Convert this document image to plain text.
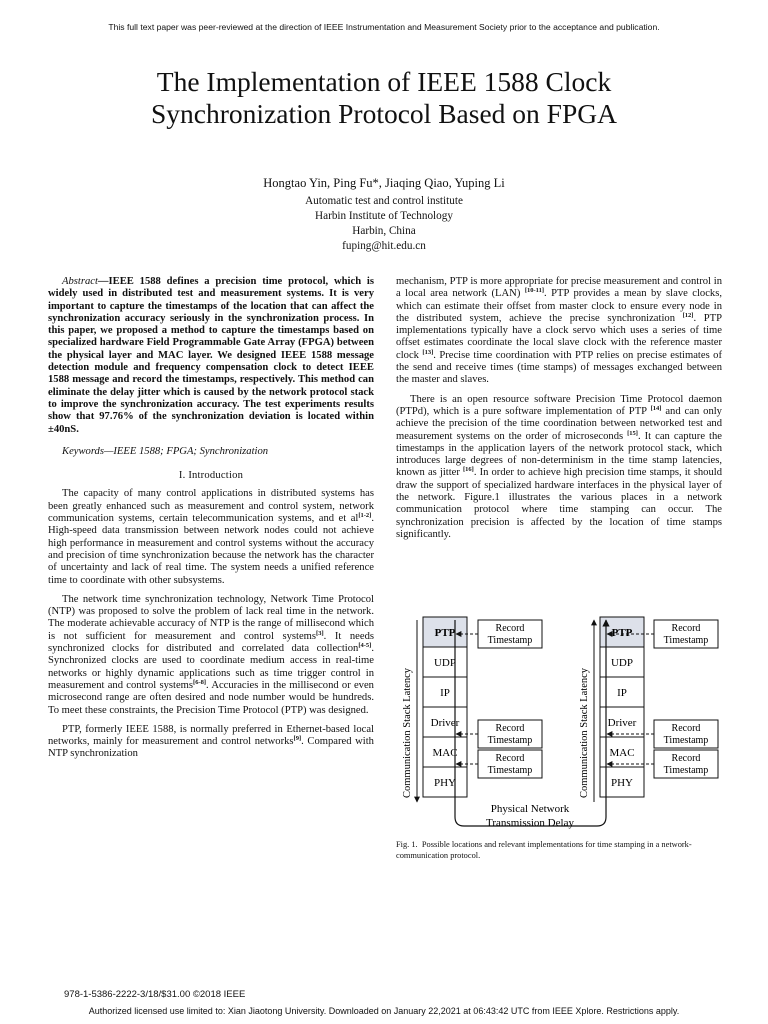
This full text paper was peer-reviewed at the direction of IEEE Instrumentation and Measurement Society prior to the acceptance and publication.
The Implementation of IEEE 1588 Clock
Synchronization Protocol Based on FPGA
Hongtao Yin, Ping Fu*, Jiaqing Qiao, Yuping Li
Automatic test and control institute
Harbin Institute of Technology
Harbin, China
fuping@hit.edu.cn

Abstract—IEEE 1588 defines a precision time protocol, which is widely used in distributed test and measurement systems. It is very important to capture the timestamps of the location that can affect the synchronization accuracy seriously in the synchronization process. In this paper, we proposed a method to capture the timestamps based on specialized hardware Field Programmable Gate Array (FPGA) between the physical layer and MAC layer. We designed IEEE 1588 message detection module and frequency compensation clock to detect IEEE 1588 message and record the timestamps, respectively. This method can eliminate the delay jitter which is caused by the network protocol stack to improve the synchronization accuracy. The test experiments results show that 97.76% of the synchronization deviation is located within ±40nS.

Keywords—IEEE 1588; FPGA; Synchronization

I. Introduction

The capacity of many control applications in distributed systems has been greatly enhanced such as measurement and control system, network communication systems, certain telecommunication systems, and et al[1-2]. High-speed data transmission between network nodes could not achieve high performance in measurement and control systems without the accuracy and precision of time synchronization because the network has the character of uncertainty and lack of real time. The system needs a unified reference time to coordinate with other subsystems.

The network time synchronization technology, Network Time Protocol (NTP) was proposed to solve the problem of lack real time in the network. The moderate achievable accuracy of NTP is the range of millisecond which is not sufficient for measurement and control systems[3]. It needs synchronized clocks for distributed and correlated data collection[4-5]. Synchronized clocks are used to coordinate medium access in real-time networks or highly dynamic applications such as time trigger control in measurement and control systems[6-8]. Accuracies in the millisecond or even microsecond range are often desired and node number would be hundreds. To meet these constraints, the Precision Time Protocol (PTP) was designed.

PTP, formerly IEEE 1588, is normally preferred in Ethernet-based local networks, mainly for measurement and control networks[9]. Compared with NTP synchronization

mechanism, PTP is more appropriate for precise measurement and control in a local area network (LAN) [10-11]. PTP provides a mean by slave clocks, which can estimate their offset from master clock to ensure every node in the distributed system, achieve the precise synchronization [12]. PTP implementations typically have a clock servo which uses a series of time offset estimates coordinate the local slave clock with the reference master clock [13]. Precise time coordination with PTP relies on precise estimates of the send and receive times (time stamps) of messages exchanged between the master and slaves.

There is an open resource software Precision Time Protocol daemon (PTPd), which is a pure software implementation of PTP [14] and can only achieve the precision of the time coordination between networked test and measurement systems on the order of microseconds [15]. It can capture the timestamps in the application layers of the network protocol stack, which introduces large degrees of non-determinism in the time stamp latencies, known as jitter [16]. In order to achieve high precision time stamps, it should draw the support of specialized hardware interfaces in the physical layer of the network. Figure.1 illustrates the various places in a network communication protocol where time stamping can occur. The synchronization precision is affected by the location of time stamps significantly.

Communication Stack Latency
PTP
UDP
IP
Driver
MAC
PHY
Record
Timestamp
Record
Timestamp
Record
Timestamp	Communication Stack Latency
PTP
UDP
IP
Driver
MAC
PHY
Record
Timestamp
Record
Timestamp
Record
Timestamp
Physical Network
Transmission Delay
Fig. 1. Possible locations and relevant implementations for time stamping in a network-communication protocol.
978-1-5386-2222-3/18/$31.00 ©2018 IEEE
Authorized licensed use limited to: Xian Jiaotong University. Downloaded on January 22,2021 at 06:43:42 UTC from IEEE Xplore. Restrictions apply.
